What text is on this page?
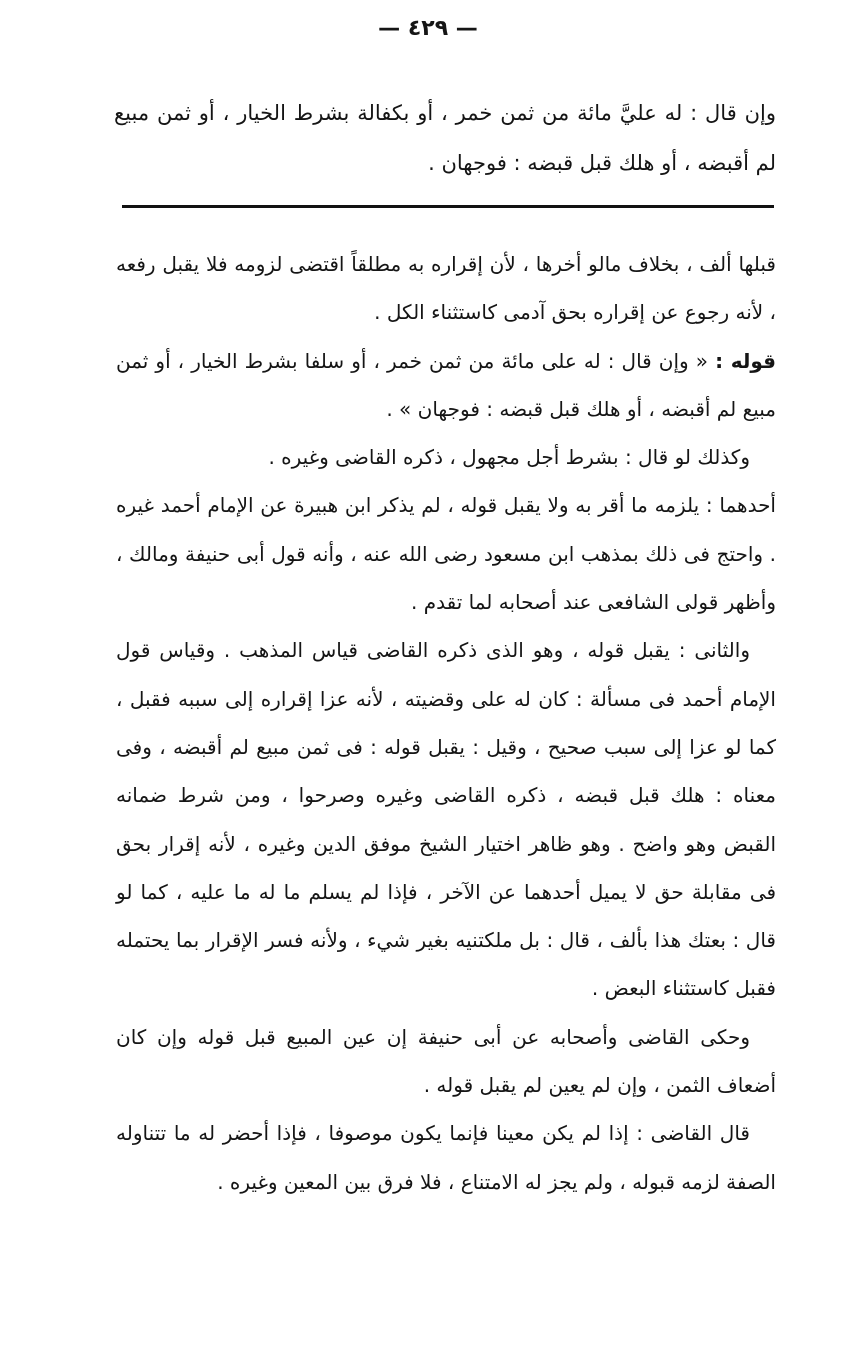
— ٤٢٩ —
وإن قال : له عليَّ مائة من ثمن خمر ، أو بكفالة بشرط الخيار ، أو ثمن مبيع لم أقبضه ، أو هلك قبل قبضه : فوجهان .

قبلها ألف ، بخلاف مالو أخرها ، لأن إقراره به مطلقاً اقتضى لزومه فلا يقبل رفعه ، لأنه رجوع عن إقراره بحق آدمى كاستثناء الكل .

قوله : « وإن قال : له على مائة من ثمن خمر ، أو سلفا بشرط الخيار ، أو ثمن مبيع لم أقبضه ، أو هلك قبل قبضه : فوجهان » .

وكذلك لو قال : بشرط أجل مجهول ، ذكره القاضى وغيره .

أحدهما : يلزمه ما أقر به ولا يقبل قوله ، لم يذكر ابن هبيرة عن الإمام أحمد غيره . واحتج فى ذلك بمذهب ابن مسعود رضى الله عنه ، وأنه قول أبى حنيفة ومالك ، وأظهر قولى الشافعى عند أصحابه لما تقدم .

والثانى : يقبل قوله ، وهو الذى ذكره القاضى قياس المذهب . وقياس قول الإمام أحمد فى مسألة : كان له على وقضيته ، لأنه عزا إقراره إلى سببه فقبل ، كما لو عزا إلى سبب صحيح ، وقيل : يقبل قوله : فى ثمن مبيع لم أقبضه ، وفى معناه : هلك قبل قبضه ، ذكره القاضى وغيره وصرحوا ، ومن شرط ضمانه القبض وهو واضح . وهو ظاهر اختيار الشيخ موفق الدين وغيره ، لأنه إقرار بحق فى مقابلة حق لا يميل أحدهما عن الآخر ، فإذا لم يسلم ما له ما عليه ، كما لو قال : بعتك هذا بألف ، قال : بل ملكتنيه بغير شيء ، ولأنه فسر الإقرار بما يحتمله فقبل كاستثناء البعض .

وحكى القاضى وأصحابه عن أبى حنيفة إن عين المبيع قبل قوله وإن كان أضعاف الثمن ، وإن لم يعين لم يقبل قوله .

قال القاضى : إذا لم يكن معينا فإنما يكون موصوفا ، فإذا أحضر له ما تتناوله الصفة لزمه قبوله ، ولم يجز له الامتناع ، فلا فرق بين المعين وغيره .
